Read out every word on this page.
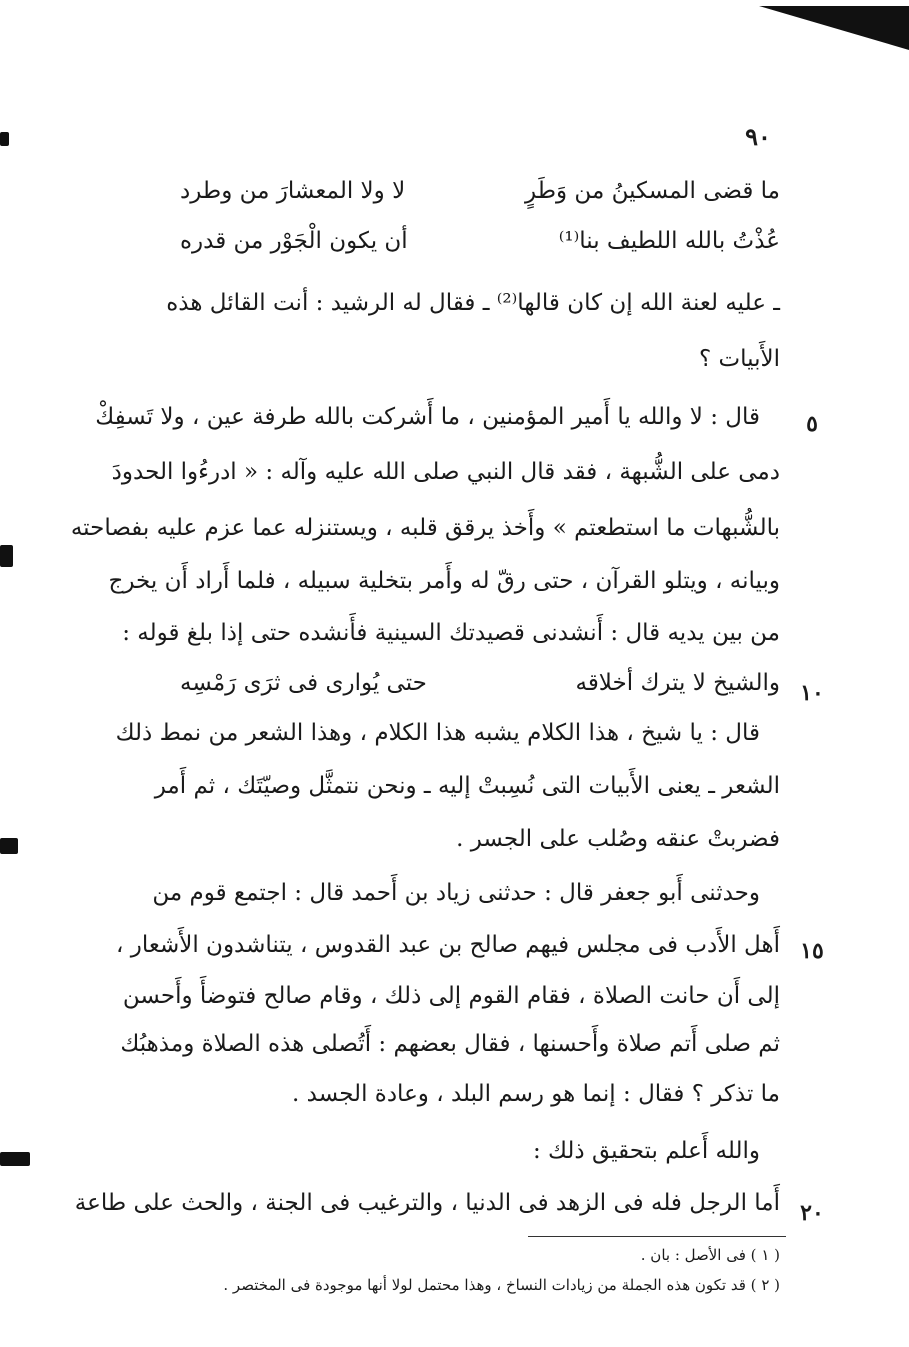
٩٠
ما قضى المسكينُ من وَطَرٍ
لا ولا المعشارَ من وطرد
عُذْتُ بالله اللطيف بنا⁽¹⁾
أن يكون الْجَوْر من قدره
ـ عليه لعنة الله إن كان قالها⁽²⁾ ـ فقال له الرشيد : أنت القائل هذه
الأَبيات ؟
٥
قال : لا والله يا أَمير المؤمنين ، ما أَشركت بالله طرفة عين ، ولا تَسفِكْ
دمى على الشُّبهة ، فقد قال النبي صلى الله عليه وآله : « ادرءُوا الحدودَ
بالشُّبهات ما استطعتم » وأَخذ يرقق قلبه ، ويستنزله عما عزم عليه بفصاحته
وبيانه ، ويتلو القرآن ، حتى رقّ له وأَمر بتخلية سبيله ، فلما أَراد أَن يخرج
من بين يديه قال : أَنشدنى قصيدتك السينية فأَنشده حتى إذا بلغ قوله :
١٠
والشيخ لا يترك أخلاقه
حتى يُوارى فى ثرَى رَمْسِه
قال : يا شيخ ، هذا الكلام يشبه هذا الكلام ، وهذا الشعر من نمط ذلك
الشعر ـ يعنى الأَبيات التى نُسِبتْ إليه ـ ونحن نتمثَّل وصيّتَك ، ثم أَمر
فضربتْ عنقه وصُلب على الجسر .
وحدثنى أَبو جعفر قال : حدثنى زياد بن أَحمد قال : اجتمع قوم من
١٥
أَهل الأَدب فى مجلس فيهم صالح بن عبد القدوس ، يتناشدون الأَشعار ،
إلى أَن حانت الصلاة ، فقام القوم إلى ذلك ، وقام صالح فتوضأَ وأَحسن
ثم صلى أَتم صلاة وأَحسنها ، فقال بعضهم : أَتُصلى هذه الصلاة ومذهبُك
ما تذكر ؟ فقال : إنما هو رسم البلد ، وعادة الجسد .
والله أَعلم بتحقيق ذلك :
٢٠
أَما الرجل فله فى الزهد فى الدنيا ، والترغيب فى الجنة ، والحث على طاعة
( ١ ) فى الأصل : بان .
( ٢ ) قد تكون هذه الجملة من زيادات النساخ ، وهذا محتمل لولا أنها موجودة فى المختصر .
